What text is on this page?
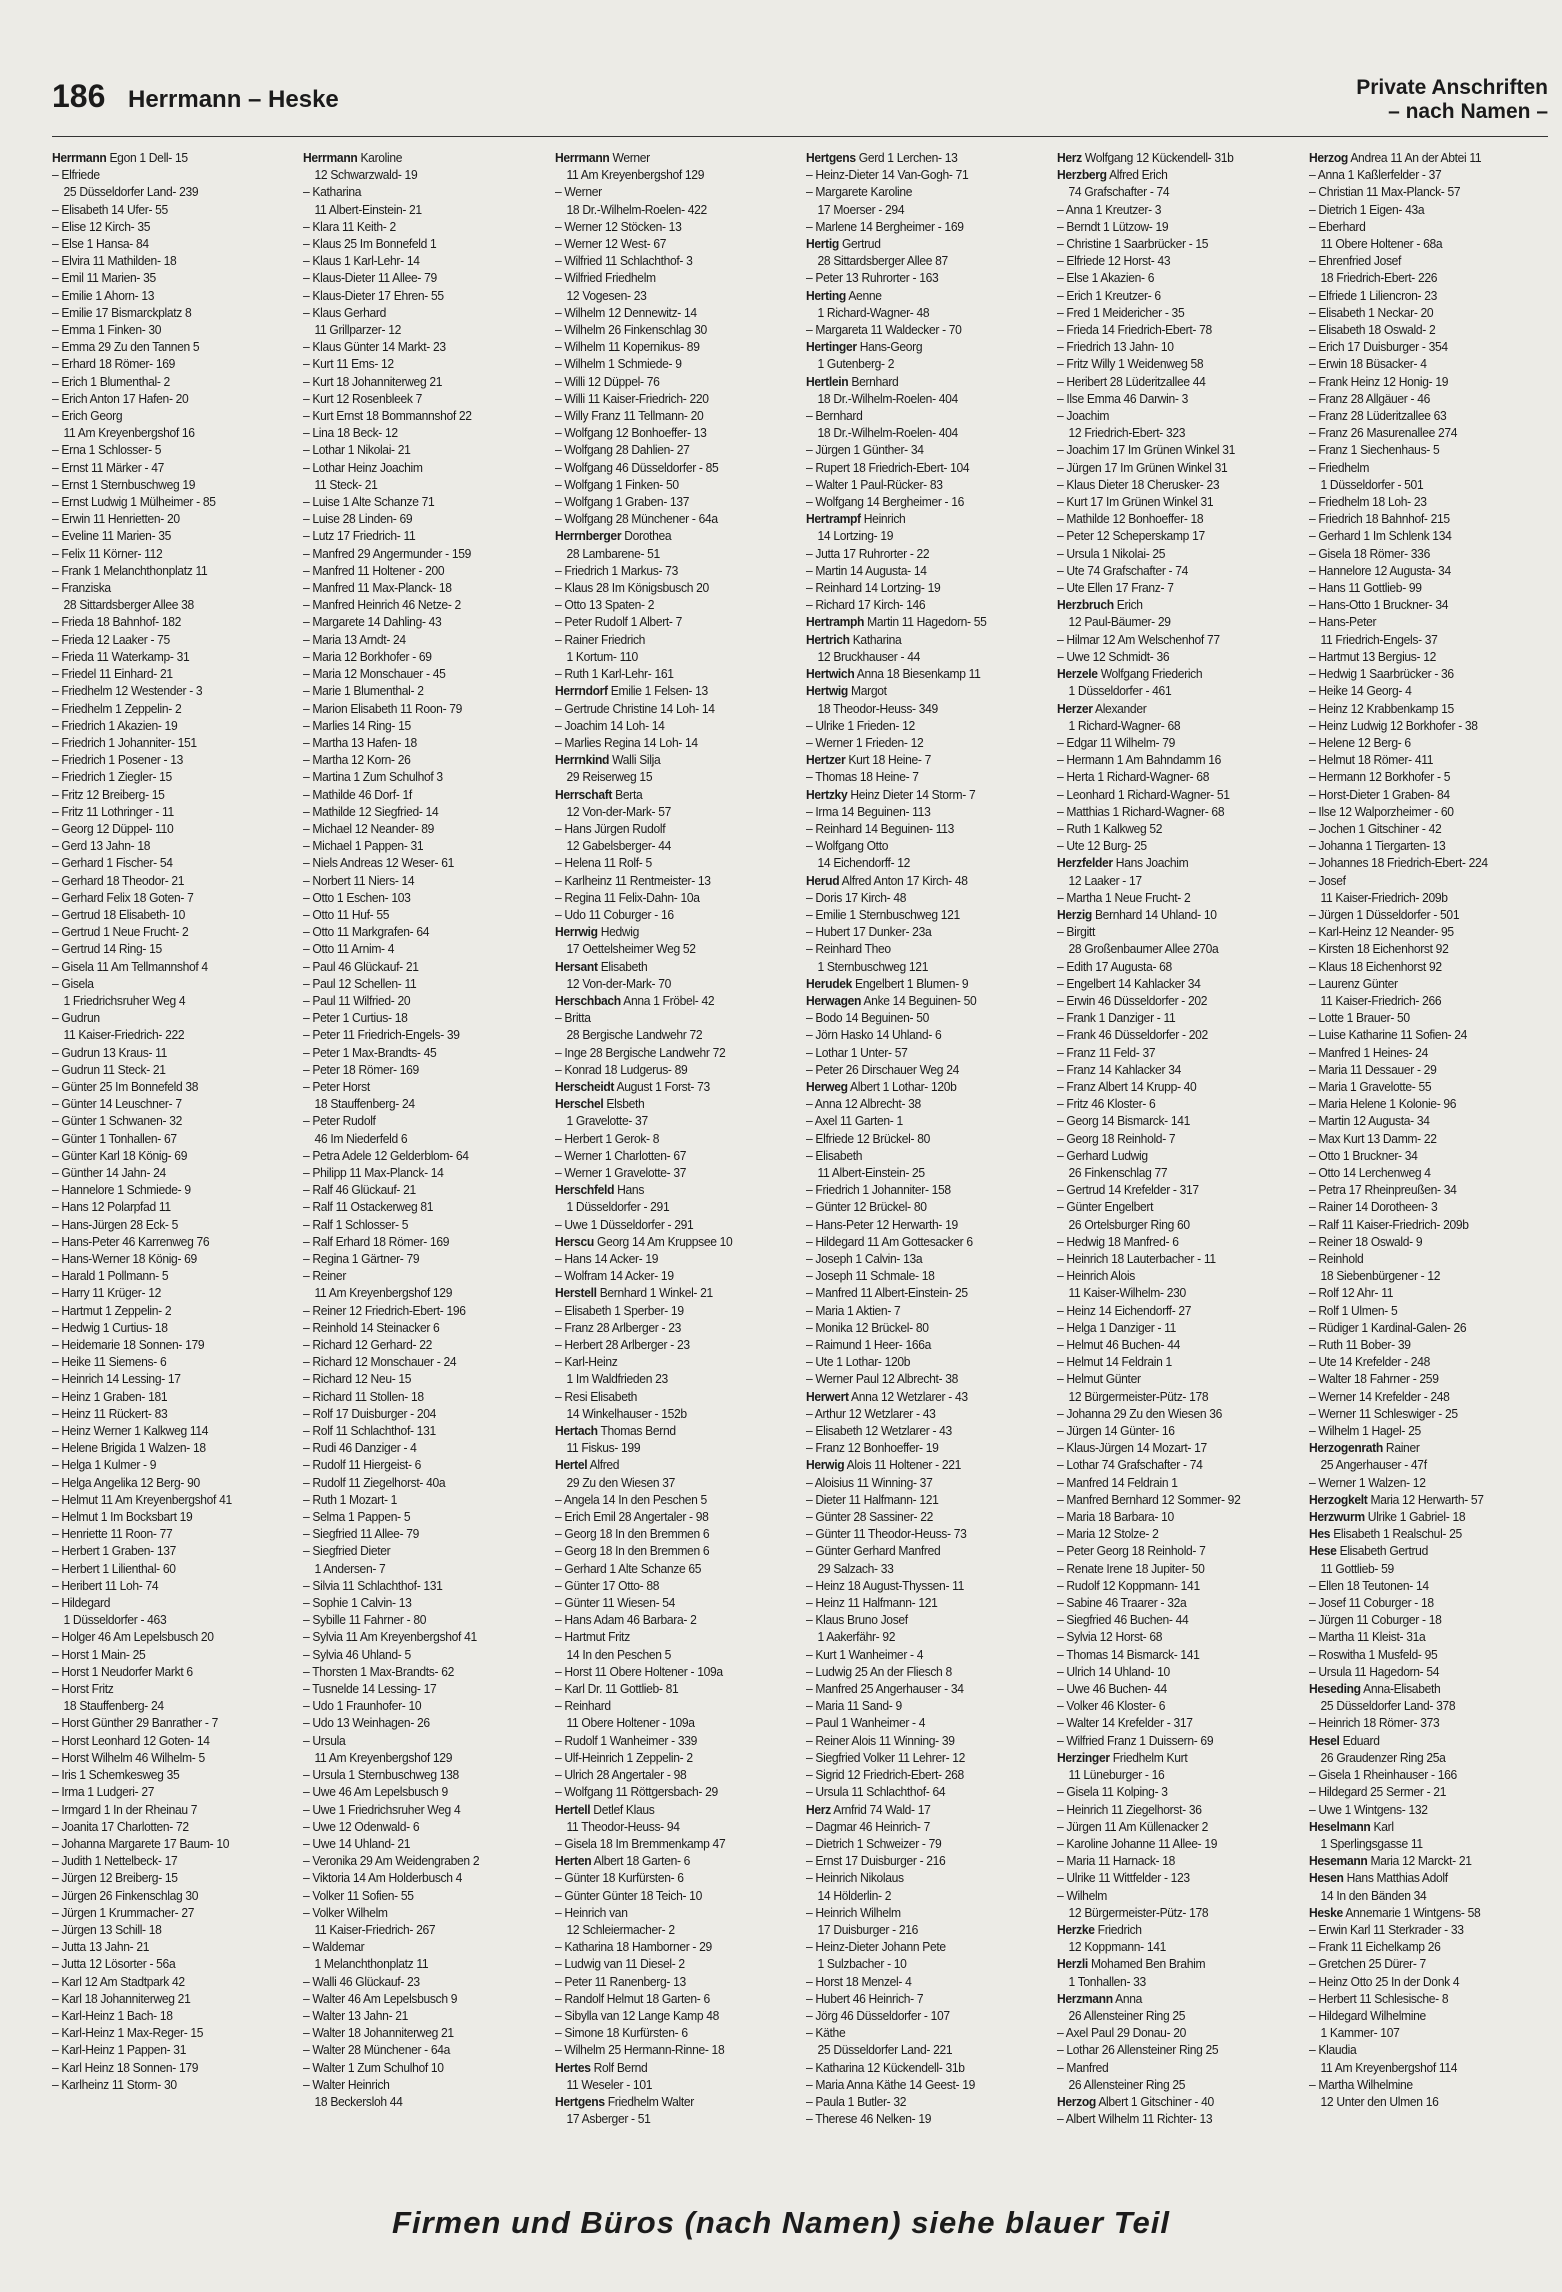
186 Herrmann – Heske	Private Anschriften
– nach Namen –
Herrmann Egon 1 Dell- 15
– Elfriede
25 Düsseldorfer Land- 239
– Elisabeth 14 Ufer- 55
– Elise 12 Kirch- 35
– Else 1 Hansa- 84
– Elvira 11 Mathilden- 18
– Emil 11 Marien- 35
– Emilie 1 Ahorn- 13
– Emilie 17 Bismarckplatz 8
– Emma 1 Finken- 30
– Emma 29 Zu den Tannen 5
– Erhard 18 Römer- 169
– Erich 1 Blumenthal- 2
– Erich Anton 17 Hafen- 20
– Erich Georg
11 Am Kreyenbergshof 16
– Erna 1 Schlosser- 5
– Ernst 11 Märker - 47
– Ernst 1 Sternbuschweg 19
– Ernst Ludwig 1 Mülheimer - 85
– Erwin 11 Henrietten- 20
– Eveline 11 Marien- 35
– Felix 11 Körner- 112
– Frank 1 Melanchthonplatz 11
– Franziska
28 Sittardsberger Allee 38
– Frieda 18 Bahnhof- 182
– Frieda 12 Laaker - 75
– Frieda 11 Waterkamp- 31
– Friedel 11 Einhard- 21
– Friedhelm 12 Westender - 3
– Friedhelm 1 Zeppelin- 2
– Friedrich 1 Akazien- 19
– Friedrich 1 Johanniter- 151
– Friedrich 1 Posener - 13
– Friedrich 1 Ziegler- 15
– Fritz 12 Breiberg- 15
– Fritz 11 Lothringer - 11
– Georg 12 Düppel- 110
– Gerd 13 Jahn- 18
– Gerhard 1 Fischer- 54
– Gerhard 18 Theodor- 21
– Gerhard Felix 18 Goten- 7
– Gertrud 18 Elisabeth- 10
– Gertrud 1 Neue Frucht- 2
– Gertrud 14 Ring- 15
– Gisela 11 Am Tellmannshof 4
– Gisela
1 Friedrichsruher Weg 4
– Gudrun
11 Kaiser-Friedrich- 222
– Gudrun 13 Kraus- 11
– Gudrun 11 Steck- 21
– Günter 25 Im Bonnefeld 38
– Günter 14 Leuschner- 7
– Günter 1 Schwanen- 32
– Günter 1 Tonhallen- 67
– Günter Karl 18 König- 69
– Günther 14 Jahn- 24
– Hannelore 1 Schmiede- 9
– Hans 12 Polarpfad 11
– Hans-Jürgen 28 Eck- 5
– Hans-Peter 46 Karrenweg 76
– Hans-Werner 18 König- 69
– Harald 1 Pollmann- 5
– Harry 11 Krüger- 12
– Hartmut 1 Zeppelin- 2
– Hedwig 1 Curtius- 18
– Heidemarie 18 Sonnen- 179
– Heike 11 Siemens- 6
– Heinrich 14 Lessing- 17
– Heinz 1 Graben- 181
– Heinz 11 Rückert- 83
– Heinz Werner 1 Kalkweg 114
– Helene Brigida 1 Walzen- 18
– Helga 1 Kulmer - 9
– Helga Angelika 12 Berg- 90
– Helmut 11 Am Kreyenbergshof 41
– Helmut 1 Im Bocksbart 19
– Henriette 11 Roon- 77
– Herbert 1 Graben- 137
– Herbert 1 Lilienthal- 60
– Heribert 11 Loh- 74
– Hildegard
1 Düsseldorfer - 463
– Holger 46 Am Lepelsbusch 20
– Horst 1 Main- 25
– Horst 1 Neudorfer Markt 6
– Horst Fritz
18 Stauffenberg- 24
– Horst Günther 29 Banrather - 7
– Horst Leonhard 12 Goten- 14
– Horst Wilhelm 46 Wilhelm- 5
– Iris 1 Schemkesweg 35
– Irma 1 Ludgeri- 27
– Irmgard 1 In der Rheinau 7
– Joanita 17 Charlotten- 72
– Johanna Margarete 17 Baum- 10
– Judith 1 Nettelbeck- 17
– Jürgen 12 Breiberg- 15
– Jürgen 26 Finkenschlag 30
– Jürgen 1 Krummacher- 27
– Jürgen 13 Schill- 18
– Jutta 13 Jahn- 21
– Jutta 12 Lösorter - 56a
– Karl 12 Am Stadtpark 42
– Karl 18 Johanniterweg 21
– Karl-Heinz 1 Bach- 18
– Karl-Heinz 1 Max-Reger- 15
– Karl-Heinz 1 Pappen- 31
– Karl Heinz 18 Sonnen- 179
– Karlheinz 11 Storm- 30
Herrmann Karoline
12 Schwarzwald- 19
– Katharina
11 Albert-Einstein- 21
– Klara 11 Keith- 2
– Klaus 25 Im Bonnefeld 1
– Klaus 1 Karl-Lehr- 14
– Klaus-Dieter 11 Allee- 79
– Klaus-Dieter 17 Ehren- 55
– Klaus Gerhard
11 Grillparzer- 12
– Klaus Günter 14 Markt- 23
– Kurt 11 Ems- 12
– Kurt 18 Johanniterweg 21
– Kurt 12 Rosenbleek 7
– Kurt Ernst 18 Bommannshof 22
– Lina 18 Beck- 12
– Lothar 1 Nikolai- 21
– Lothar Heinz Joachim
11 Steck- 21
– Luise 1 Alte Schanze 71
– Luise 28 Linden- 69
– Lutz 17 Friedrich- 11
– Manfred 29 Angermunder - 159
– Manfred 11 Holtener - 200
– Manfred 11 Max-Planck- 18
– Manfred Heinrich 46 Netze- 2
– Margarete 14 Dahling- 43
– Maria 13 Arndt- 24
– Maria 12 Borkhofer - 69
– Maria 12 Monschauer - 45
– Marie 1 Blumenthal- 2
– Marion Elisabeth 11 Roon- 79
– Marlies 14 Ring- 15
– Martha 13 Hafen- 18
– Martha 12 Korn- 26
– Martina 1 Zum Schulhof 3
– Mathilde 46 Dorf- 1f
– Mathilde 12 Siegfried- 14
– Michael 12 Neander- 89
– Michael 1 Pappen- 31
– Niels Andreas 12 Weser- 61
– Norbert 11 Niers- 14
– Otto 1 Eschen- 103
– Otto 11 Huf- 55
– Otto 11 Markgrafen- 64
– Otto 11 Arnim- 4
– Paul 46 Glückauf- 21
– Paul 12 Schellen- 11
– Paul 11 Wilfried- 20
– Peter 1 Curtius- 18
– Peter 11 Friedrich-Engels- 39
– Peter 1 Max-Brandts- 45
– Peter 18 Römer- 169
– Peter Horst
18 Stauffenberg- 24
– Peter Rudolf
46 Im Niederfeld 6
– Petra Adele 12 Gelderblom- 64
– Philipp 11 Max-Planck- 14
– Ralf 46 Glückauf- 21
– Ralf 11 Ostackerweg 81
– Ralf 1 Schlosser- 5
– Ralf Erhard 18 Römer- 169
– Regina 1 Gärtner- 79
– Reiner
11 Am Kreyenbergshof 129
– Reiner 12 Friedrich-Ebert- 196
– Reinhold 14 Steinacker 6
– Richard 12 Gerhard- 22
– Richard 12 Monschauer - 24
– Richard 12 Neu- 15
– Richard 11 Stollen- 18
– Rolf 17 Duisburger - 204
– Rolf 11 Schlachthof- 131
– Rudi 46 Danziger - 4
– Rudolf 11 Hiergeist- 6
– Rudolf 11 Ziegelhorst- 40a
– Ruth 1 Mozart- 1
– Selma 1 Pappen- 5
– Siegfried 11 Allee- 79
– Siegfried Dieter
1 Andersen- 7
– Silvia 11 Schlachthof- 131
– Sophie 1 Calvin- 13
– Sybille 11 Fahrner - 80
– Sylvia 11 Am Kreyenbergshof 41
– Sylvia 46 Uhland- 5
– Thorsten 1 Max-Brandts- 62
– Tusnelde 14 Lessing- 17
– Udo 1 Fraunhofer- 10
– Udo 13 Weinhagen- 26
– Ursula
11 Am Kreyenbergshof 129
– Ursula 1 Sternbuschweg 138
– Uwe 46 Am Lepelsbusch 9
– Uwe 1 Friedrichsruher Weg 4
– Uwe 12 Odenwald- 6
– Uwe 14 Uhland- 21
– Veronika 29 Am Weidengraben 2
– Viktoria 14 Am Holderbusch 4
– Volker 11 Sofien- 55
– Volker Wilhelm
11 Kaiser-Friedrich- 267
– Waldemar
1 Melanchthonplatz 11
– Walli 46 Glückauf- 23
– Walter 46 Am Lepelsbusch 9
– Walter 13 Jahn- 21
– Walter 18 Johanniterweg 21
– Walter 28 Münchener - 64a
– Walter 1 Zum Schulhof 10
– Walter Heinrich
18 Beckersloh 44
Herrmann Werner
11 Am Kreyenbergshof 129
– Werner
18 Dr.-Wilhelm-Roelen- 422
– Werner 12 Stöcken- 13
– Werner 12 West- 67
– Wilfried 11 Schlachthof- 3
– Wilfried Friedhelm
12 Vogesen- 23
– Wilhelm 12 Dennewitz- 14
– Wilhelm 26 Finkenschlag 30
– Wilhelm 11 Kopernikus- 89
– Wilhelm 1 Schmiede- 9
– Willi 12 Düppel- 76
– Willi 11 Kaiser-Friedrich- 220
– Willy Franz 11 Tellmann- 20
– Wolfgang 12 Bonhoeffer- 13
– Wolfgang 28 Dahlien- 27
– Wolfgang 46 Düsseldorfer - 85
– Wolfgang 1 Finken- 50
– Wolfgang 1 Graben- 137
– Wolfgang 28 Münchener - 64a
Herrnberger Dorothea
28 Lambarene- 51
– Friedrich 1 Markus- 73
– Klaus 28 Im Königsbusch 20
– Otto 13 Spaten- 2
– Peter Rudolf 1 Albert- 7
– Rainer Friedrich
1 Kortum- 110
– Ruth 1 Karl-Lehr- 161
Herrndorf Emilie 1 Felsen- 13
– Gertrude Christine 14 Loh- 14
– Joachim 14 Loh- 14
– Marlies Regina 14 Loh- 14
Herrnkind Walli Silja
29 Reiserweg 15
Herrschaft Berta
12 Von-der-Mark- 57
– Hans Jürgen Rudolf
12 Gabelsberger- 44
– Helena 11 Rolf- 5
– Karlheinz 11 Rentmeister- 13
– Regina 11 Felix-Dahn- 10a
– Udo 11 Coburger - 16
Herrwig Hedwig
17 Oettelsheimer Weg 52
Hersant Elisabeth
12 Von-der-Mark- 70
Herschbach Anna 1 Fröbel- 42
– Britta
28 Bergische Landwehr 72
– Inge 28 Bergische Landwehr 72
– Konrad 18 Ludgerus- 89
Herscheidt August 1 Forst- 73
Herschel Elsbeth
1 Gravelotte- 37
– Herbert 1 Gerok- 8
– Werner 1 Charlotten- 67
– Werner 1 Gravelotte- 37
Herschfeld Hans
1 Düsseldorfer - 291
– Uwe 1 Düsseldorfer - 291
Herscu Georg 14 Am Kruppsee 10
– Hans 14 Acker- 19
– Wolfram 14 Acker- 19
Herstell Bernhard 1 Winkel- 21
– Elisabeth 1 Sperber- 19
– Franz 28 Arlberger - 23
– Herbert 28 Arlberger - 23
– Karl-Heinz
1 Im Waldfrieden 23
– Resi Elisabeth
14 Winkelhauser - 152b
Hertach Thomas Bernd
11 Fiskus- 199
Hertel Alfred
29 Zu den Wiesen 37
– Angela 14 In den Peschen 5
– Erich Emil 28 Angertaler - 98
– Georg 18 In den Bremmen 6
– Georg 18 In den Bremmen 6
– Gerhard 1 Alte Schanze 65
– Günter 17 Otto- 88
– Günter 11 Wiesen- 54
– Hans Adam 46 Barbara- 2
– Hartmut Fritz
14 In den Peschen 5
– Horst 11 Obere Holtener - 109a
– Karl Dr. 11 Gottlieb- 81
– Reinhard
11 Obere Holtener - 109a
– Rudolf 1 Wanheimer - 339
– Ulf-Heinrich 1 Zeppelin- 2
– Ulrich 28 Angertaler - 98
– Wolfgang 11 Röttgersbach- 29
Hertell Detlef Klaus
11 Theodor-Heuss- 94
– Gisela 18 Im Bremmenkamp 47
Herten Albert 18 Garten- 6
– Günter 18 Kurfürsten- 6
– Günter Günter 18 Teich- 10
– Heinrich van
12 Schleiermacher- 2
– Katharina 18 Hamborner - 29
– Ludwig van 11 Diesel- 2
– Peter 11 Ranenberg- 13
– Randolf Helmut 18 Garten- 6
– Sibylla van 12 Lange Kamp 48
– Simone 18 Kurfürsten- 6
– Wilhelm 25 Hermann-Rinne- 18
Hertes Rolf Bernd
11 Weseler - 101
Hertgens Friedhelm Walter
17 Asberger - 51
Hertgens Gerd 1 Lerchen- 13
– Heinz-Dieter 14 Van-Gogh- 71
– Margarete Karoline
17 Moerser - 294
– Marlene 14 Bergheimer - 169
Hertig Gertrud
28 Sittardsberger Allee 87
– Peter 13 Ruhrorter - 163
Herting Aenne
1 Richard-Wagner- 48
– Margareta 11 Waldecker - 70
Hertinger Hans-Georg
1 Gutenberg- 2
Hertlein Bernhard
18 Dr.-Wilhelm-Roelen- 404
– Bernhard
18 Dr.-Wilhelm-Roelen- 404
– Jürgen 1 Günther- 34
– Rupert 18 Friedrich-Ebert- 104
– Walter 1 Paul-Rücker- 83
– Wolfgang 14 Bergheimer - 16
Hertrampf Heinrich
14 Lortzing- 19
– Jutta 17 Ruhrorter - 22
– Martin 14 Augusta- 14
– Reinhard 14 Lortzing- 19
– Richard 17 Kirch- 146
Hertramph Martin 11 Hagedorn- 55
Hertrich Katharina
12 Bruckhauser - 44
Hertwich Anna 18 Biesenkamp 11
Hertwig Margot
18 Theodor-Heuss- 349
– Ulrike 1 Frieden- 12
– Werner 1 Frieden- 12
Hertzer Kurt 18 Heine- 7
– Thomas 18 Heine- 7
Hertzky Heinz Dieter 14 Storm- 7
– Irma 14 Beguinen- 113
– Reinhard 14 Beguinen- 113
– Wolfgang Otto
14 Eichendorff- 12
Herud Alfred Anton 17 Kirch- 48
– Doris 17 Kirch- 48
– Emilie 1 Sternbuschweg 121
– Hubert 17 Dunker- 23a
– Reinhard Theo
1 Sternbuschweg 121
Herudek Engelbert 1 Blumen- 9
Herwagen Anke 14 Beguinen- 50
– Bodo 14 Beguinen- 50
– Jörn Hasko 14 Uhland- 6
– Lothar 1 Unter- 57
– Peter 26 Dirschauer Weg 24
Herweg Albert 1 Lothar- 120b
– Anna 12 Albrecht- 38
– Axel 11 Garten- 1
– Elfriede 12 Brückel- 80
– Elisabeth
11 Albert-Einstein- 25
– Friedrich 1 Johanniter- 158
– Günter 12 Brückel- 80
– Hans-Peter 12 Herwarth- 19
– Hildegard 11 Am Gottesacker 6
– Joseph 1 Calvin- 13a
– Joseph 11 Schmale- 18
– Manfred 11 Albert-Einstein- 25
– Maria 1 Aktien- 7
– Monika 12 Brückel- 80
– Raimund 1 Heer- 166a
– Ute 1 Lothar- 120b
– Werner Paul 12 Albrecht- 38
Herwert Anna 12 Wetzlarer - 43
– Arthur 12 Wetzlarer - 43
– Elisabeth 12 Wetzlarer - 43
– Franz 12 Bonhoeffer- 19
Herwig Alois 11 Holtener - 221
– Aloisius 11 Winning- 37
– Dieter 11 Halfmann- 121
– Günter 28 Sassiner- 22
– Günter 11 Theodor-Heuss- 73
– Günter Gerhard Manfred
29 Salzach- 33
– Heinz 18 August-Thyssen- 11
– Heinz 11 Halfmann- 121
– Klaus Bruno Josef
1 Aakerfähr- 92
– Kurt 1 Wanheimer - 4
– Ludwig 25 An der Fliesch 8
– Manfred 25 Angerhauser - 34
– Maria 11 Sand- 9
– Paul 1 Wanheimer - 4
– Reiner Alois 11 Winning- 39
– Siegfried Volker 11 Lehrer- 12
– Sigrid 12 Friedrich-Ebert- 268
– Ursula 11 Schlachthof- 64
Herz Arnfrid 74 Wald- 17
– Dagmar 46 Heinrich- 7
– Dietrich 1 Schweizer - 79
– Ernst 17 Duisburger - 216
– Heinrich Nikolaus
14 Hölderlin- 2
– Heinrich Wilhelm
17 Duisburger - 216
– Heinz-Dieter Johann Pete
1 Sulzbacher - 10
– Horst 18 Menzel- 4
– Hubert 46 Heinrich- 7
– Jörg 46 Düsseldorfer - 107
– Käthe
25 Düsseldorfer Land- 221
– Katharina 12 Kückendell- 31b
– Maria Anna Käthe 14 Geest- 19
– Paula 1 Butler- 32
– Therese 46 Nelken- 19
Herz Wolfgang 12 Kückendell- 31b
Herzberg Alfred Erich
74 Grafschafter - 74
– Anna 1 Kreutzer- 3
– Berndt 1 Lützow- 19
– Christine 1 Saarbrücker - 15
– Elfriede 12 Horst- 43
– Else 1 Akazien- 6
– Erich 1 Kreutzer- 6
– Fred 1 Meidericher - 35
– Frieda 14 Friedrich-Ebert- 78
– Friedrich 13 Jahn- 10
– Fritz Willy 1 Weidenweg 58
– Heribert 28 Lüderitzallee 44
– Ilse Emma 46 Darwin- 3
– Joachim
12 Friedrich-Ebert- 323
– Joachim 17 Im Grünen Winkel 31
– Jürgen 17 Im Grünen Winkel 31
– Klaus Dieter 18 Cherusker- 23
– Kurt 17 Im Grünen Winkel 31
– Mathilde 12 Bonhoeffer- 18
– Peter 12 Scheperskamp 17
– Ursula 1 Nikolai- 25
– Ute 74 Grafschafter - 74
– Ute Ellen 17 Franz- 7
Herzbruch Erich
12 Paul-Bäumer- 29
– Hilmar 12 Am Welschenhof 77
– Uwe 12 Schmidt- 36
Herzele Wolfgang Friederich
1 Düsseldorfer - 461
Herzer Alexander
1 Richard-Wagner- 68
– Edgar 11 Wilhelm- 79
– Hermann 1 Am Bahndamm 16
– Herta 1 Richard-Wagner- 68
– Leonhard 1 Richard-Wagner- 51
– Matthias 1 Richard-Wagner- 68
– Ruth 1 Kalkweg 52
– Ute 12 Burg- 25
Herzfelder Hans Joachim
12 Laaker - 17
– Martha 1 Neue Frucht- 2
Herzig Bernhard 14 Uhland- 10
– Birgitt
28 Großenbaumer Allee 270a
– Edith 17 Augusta- 68
– Engelbert 14 Kahlacker 34
– Erwin 46 Düsseldorfer - 202
– Frank 1 Danziger - 11
– Frank 46 Düsseldorfer - 202
– Franz 11 Feld- 37
– Franz 14 Kahlacker 34
– Franz Albert 14 Krupp- 40
– Fritz 46 Kloster- 6
– Georg 14 Bismarck- 141
– Georg 18 Reinhold- 7
– Gerhard Ludwig
26 Finkenschlag 77
– Gertrud 14 Krefelder - 317
– Günter Engelbert
26 Ortelsburger Ring 60
– Hedwig 18 Manfred- 6
– Heinrich 18 Lauterbacher - 11
– Heinrich Alois
11 Kaiser-Wilhelm- 230
– Heinz 14 Eichendorff- 27
– Helga 1 Danziger - 11
– Helmut 46 Buchen- 44
– Helmut 14 Feldrain 1
– Helmut Günter
12 Bürgermeister-Pütz- 178
– Johanna 29 Zu den Wiesen 36
– Jürgen 14 Günter- 16
– Klaus-Jürgen 14 Mozart- 17
– Lothar 74 Grafschafter - 74
– Manfred 14 Feldrain 1
– Manfred Bernhard 12 Sommer- 92
– Maria 18 Barbara- 10
– Maria 12 Stolze- 2
– Peter Georg 18 Reinhold- 7
– Renate Irene 18 Jupiter- 50
– Rudolf 12 Koppmann- 141
– Sabine 46 Traarer - 32a
– Siegfried 46 Buchen- 44
– Sylvia 12 Horst- 68
– Thomas 14 Bismarck- 141
– Ulrich 14 Uhland- 10
– Uwe 46 Buchen- 44
– Volker 46 Kloster- 6
– Walter 14 Krefelder - 317
– Wilfried Franz 1 Duissern- 69
Herzinger Friedhelm Kurt
11 Lüneburger - 16
– Gisela 11 Kolping- 3
– Heinrich 11 Ziegelhorst- 36
– Jürgen 11 Am Küllenacker 2
– Karoline Johanne 11 Allee- 19
– Maria 11 Harnack- 18
– Ulrike 11 Wittfelder - 123
– Wilhelm
12 Bürgermeister-Pütz- 178
Herzke Friedrich
12 Koppmann- 141
Herzli Mohamed Ben Brahim
1 Tonhallen- 33
Herzmann Anna
26 Allensteiner Ring 25
– Axel Paul 29 Donau- 20
– Lothar 26 Allensteiner Ring 25
– Manfred
26 Allensteiner Ring 25
Herzog Albert 1 Gitschiner - 40
– Albert Wilhelm 11 Richter- 13
Herzog Andrea 11 An der Abtei 11
– Anna 1 Kaßlerfelder - 37
– Christian 11 Max-Planck- 57
– Dietrich 1 Eigen- 43a
– Eberhard
11 Obere Holtener - 68a
– Ehrenfried Josef
18 Friedrich-Ebert- 226
– Elfriede 1 Liliencron- 23
– Elisabeth 1 Neckar- 20
– Elisabeth 18 Oswald- 2
– Erich 17 Duisburger - 354
– Erwin 18 Büsacker- 4
– Frank Heinz 12 Honig- 19
– Franz 28 Allgäuer - 46
– Franz 28 Lüderitzallee 63
– Franz 26 Masurenallee 274
– Franz 1 Siechenhaus- 5
– Friedhelm
1 Düsseldorfer - 501
– Friedhelm 18 Loh- 23
– Friedrich 18 Bahnhof- 215
– Gerhard 1 Im Schlenk 134
– Gisela 18 Römer- 336
– Hannelore 12 Augusta- 34
– Hans 11 Gottlieb- 99
– Hans-Otto 1 Bruckner- 34
– Hans-Peter
11 Friedrich-Engels- 37
– Hartmut 13 Bergius- 12
– Hedwig 1 Saarbrücker - 36
– Heike 14 Georg- 4
– Heinz 12 Krabbenkamp 15
– Heinz Ludwig 12 Borkhofer - 38
– Helene 12 Berg- 6
– Helmut 18 Römer- 411
– Hermann 12 Borkhofer - 5
– Horst-Dieter 1 Graben- 84
– Ilse 12 Walporzheimer - 60
– Jochen 1 Gitschiner - 42
– Johanna 1 Tiergarten- 13
– Johannes 18 Friedrich-Ebert- 224
– Josef
11 Kaiser-Friedrich- 209b
– Jürgen 1 Düsseldorfer - 501
– Karl-Heinz 12 Neander- 95
– Kirsten 18 Eichenhorst 92
– Klaus 18 Eichenhorst 92
– Laurenz Günter
11 Kaiser-Friedrich- 266
– Lotte 1 Brauer- 50
– Luise Katharine 11 Sofien- 24
– Manfred 1 Heines- 24
– Maria 11 Dessauer - 29
– Maria 1 Gravelotte- 55
– Maria Helene 1 Kolonie- 96
– Martin 12 Augusta- 34
– Max Kurt 13 Damm- 22
– Otto 1 Bruckner- 34
– Otto 14 Lerchenweg 4
– Petra 17 Rheinpreußen- 34
– Rainer 14 Dorotheen- 3
– Ralf 11 Kaiser-Friedrich- 209b
– Reiner 18 Oswald- 9
– Reinhold
18 Siebenbürgener - 12
– Rolf 12 Ahr- 11
– Rolf 1 Ulmen- 5
– Rüdiger 1 Kardinal-Galen- 26
– Ruth 11 Bober- 39
– Ute 14 Krefelder - 248
– Walter 18 Fahrner - 259
– Werner 14 Krefelder - 248
– Werner 11 Schleswiger - 25
– Wilhelm 1 Hagel- 25
Herzogenrath Rainer
25 Angerhauser - 47f
– Werner 1 Walzen- 12
Herzogkelt Maria 12 Herwarth- 57
Herzwurm Ulrike 1 Gabriel- 18
Hes Elisabeth 1 Realschul- 25
Hese Elisabeth Gertrud
11 Gottlieb- 59
– Ellen 18 Teutonen- 14
– Josef 11 Coburger - 18
– Jürgen 11 Coburger - 18
– Martha 11 Kleist- 31a
– Roswitha 1 Musfeld- 95
– Ursula 11 Hagedorn- 54
Heseding Anna-Elisabeth
25 Düsseldorfer Land- 378
– Heinrich 18 Römer- 373
Hesel Eduard
26 Graudenzer Ring 25a
– Gisela 1 Rheinhauser - 166
– Hildegard 25 Sermer - 21
– Uwe 1 Wintgens- 132
Heselmann Karl
1 Sperlingsgasse 11
Hesemann Maria 12 Marckt- 21
Hesen Hans Matthias Adolf
14 In den Bänden 34
Heske Annemarie 1 Wintgens- 58
– Erwin Karl 11 Sterkrader - 33
– Frank 11 Eichelkamp 26
– Gretchen 25 Dürer- 7
– Heinz Otto 25 In der Donk 4
– Herbert 11 Schlesische- 8
– Hildegard Wilhelmine
1 Kammer- 107
– Klaudia
11 Am Kreyenbergshof 114
– Martha Wilhelmine
12 Unter den Ulmen 16
Firmen und Büros (nach Namen) siehe blauer Teil
